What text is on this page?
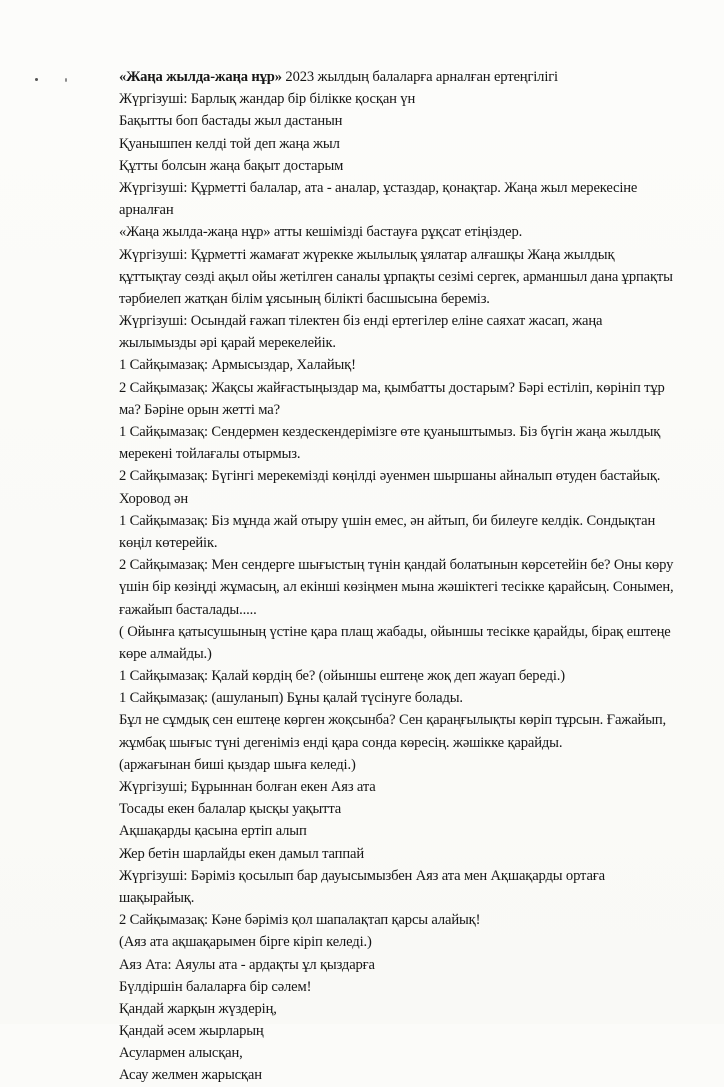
«Жаңа жылда-жаңа нұр» 2023 жылдың балаларға арналған ертеңгілігі
Жүргізуші: Барлық жандар бір білікке қосқан үн
Бақытты боп бастады жыл дастанын
Қуанышпен келді той деп жаңа жыл
Құтты болсын жаңа бақыт достарым
Жүргізуші: Құрметті балалар, ата - аналар, ұстаздар, қонақтар. Жаңа жыл мерекесіне
арналған
«Жаңа жылда-жаңа нұр» атты кешімізді бастауға рұқсат етіңіздер.
Жүргізуші: Құрметті жамағат жүрекке жылылық ұялатар алғашқы Жаңа жылдық
құттықтау сөзді ақыл ойы жетілген саналы ұрпақты сезімі сергек, арманшыл дана ұрпақты
тәрбиелеп жатқан білім ұясының білікті басшысына береміз.
Жүргізуші: Осындай ғажап тілектен біз енді ертегілер еліне саяхат жасап, жаңа
жылымызды әрі қарай мерекелейік.
1 Сайқымазақ: Армысыздар, Халайық!
2 Сайқымазақ: Жақсы жайғастыңыздар ма, қымбатты достарым? Бәрі естіліп, көрініп тұр
ма? Бәріне орын жетті ма?
1 Сайқымазақ: Сендермен кездескендерімізге өте қуаныштымыз. Біз бүгін жаңа жылдық
мерекені тойлағалы отырмыз.
2 Сайқымазақ: Бүгінгі мерекемізді көңілді әуенмен шыршаны айналып өтуден бастайық.
Хоровод ән
1 Сайқымазақ: Біз мұнда жай отыру үшін емес, ән айтып, би билеуге келдік. Сондықтан
көңіл көтерейік.
2 Сайқымазақ: Мен сендерге шығыстың түнін қандай болатынын көрсетейін бе? Оны көру
үшін бір көзіңді жұмасың, ал екінші көзіңмен мына жәшіктегі тесікке қарайсың. Сонымен,
ғажайып басталады.....
( Ойынға қатысушының үстіне қара плащ жабады, ойыншы тесікке қарайды, бірақ ештеңе
көре алмайды.)
1 Сайқымазақ: Қалай көрдің бе? (ойыншы ештеңе жоқ деп жауап береді.)
1 Сайқымазақ: (ашуланып) Бұны қалай түсінуге болады.
Бұл не сұмдық сен ештеңе көрген жоқсынба? Сен қараңғылықты көріп тұрсын. Ғажайып,
жұмбақ шығыс түні дегеніміз енді қара сонда көресің. жәшікке қарайды.
(аржағынан биші қыздар шыға келеді.)
Жүргізуші; Бұрыннан болған екен Аяз ата
Тосады екен балалар қысқы уақытта
Ақшақарды қасына ертіп алып
Жер бетін шарлайды екен дамыл таппай
Жүргізуші: Бәріміз қосылып бар дауысымызбен Аяз ата мен Ақшақарды ортаға
шақырайық.
2 Сайқымазақ: Кәне бәріміз қол шапалақтап қарсы алайық!
(Аяз ата ақшақарымен бірге кіріп келеді.)
Аяз Ата: Аяулы ата - ардақты ұл қыздарға
Бүлдіршін балаларға бір сәлем!
Қандай жарқын жүздерің,
Қандай әсем жырларың
Асулармен алысқан,
Асау желмен жарысқан
